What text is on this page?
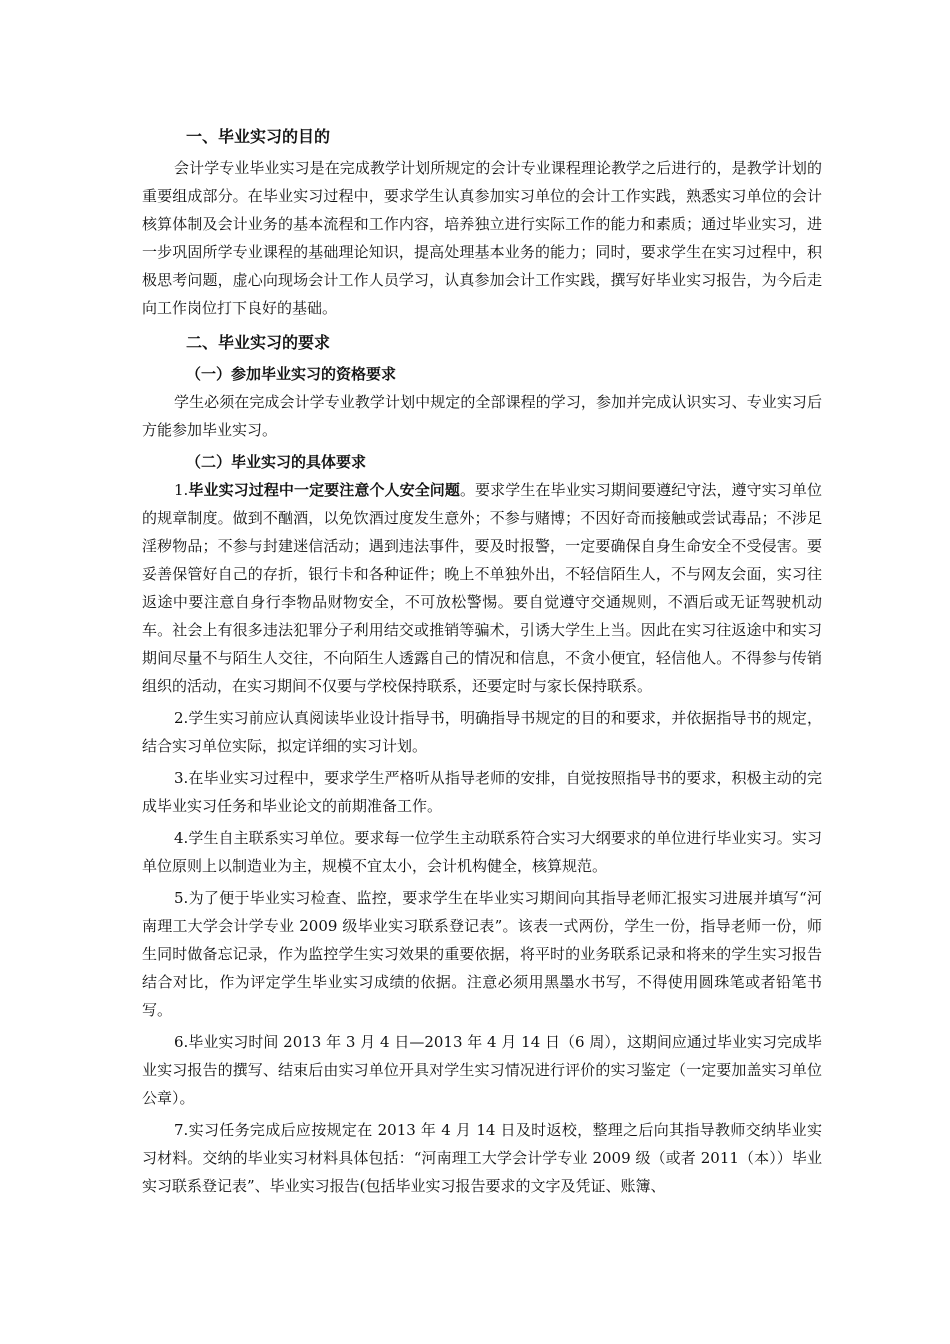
一、毕业实习的目的

会计学专业毕业实习是在完成教学计划所规定的会计专业课程理论教学之后进行的，是教学计划的重要组成部分。在毕业实习过程中，要求学生认真参加实习单位的会计工作实践，熟悉实习单位的会计核算体制及会计业务的基本流程和工作内容，培养独立进行实际工作的能力和素质；通过毕业实习，进一步巩固所学专业课程的基础理论知识，提高处理基本业务的能力；同时，要求学生在实习过程中，积极思考问题，虚心向现场会计工作人员学习，认真参加会计工作实践，撰写好毕业实习报告，为今后走向工作岗位打下良好的基础。

二、毕业实习的要求
（一）参加毕业实习的资格要求

学生必须在完成会计学专业教学计划中规定的全部课程的学习，参加并完成认识实习、专业实习后方能参加毕业实习。

（二）毕业实习的具体要求

1.毕业实习过程中一定要注意个人安全问题。要求学生在毕业实习期间要遵纪守法，遵守实习单位的规章制度。做到不酗酒，以免饮酒过度发生意外；不参与赌博；不因好奇而接触或尝试毒品；不涉足淫秽物品；不参与封建迷信活动；遇到违法事件，要及时报警，一定要确保自身生命安全不受侵害。要妥善保管好自己的存折，银行卡和各种证件；晚上不单独外出，不轻信陌生人，不与网友会面，实习往返途中要注意自身行李物品财物安全，不可放松警惕。要自觉遵守交通规则，不酒后或无证驾驶机动车。社会上有很多违法犯罪分子利用结交或推销等骗术，引诱大学生上当。因此在实习往返途中和实习期间尽量不与陌生人交往，不向陌生人透露自己的情况和信息，不贪小便宜，轻信他人。不得参与传销组织的活动，在实习期间不仅要与学校保持联系，还要定时与家长保持联系。

2.学生实习前应认真阅读毕业设计指导书，明确指导书规定的目的和要求，并依据指导书的规定，结合实习单位实际，拟定详细的实习计划。

3.在毕业实习过程中，要求学生严格听从指导老师的安排，自觉按照指导书的要求，积极主动的完成毕业实习任务和毕业论文的前期准备工作。

4.学生自主联系实习单位。要求每一位学生主动联系符合实习大纲要求的单位进行毕业实习。实习单位原则上以制造业为主，规模不宜太小，会计机构健全，核算规范。

5.为了便于毕业实习检查、监控，要求学生在毕业实习期间向其指导老师汇报实习进展并填写“河南理工大学会计学专业 2009 级毕业实习联系登记表”。该表一式两份，学生一份，指导老师一份，师生同时做备忘记录，作为监控学生实习效果的重要依据，将平时的业务联系记录和将来的学生实习报告结合对比，作为评定学生毕业实习成绩的依据。注意必须用黑墨水书写，不得使用圆珠笔或者铅笔书写。

6.毕业实习时间 2013 年 3 月 4 日—2013 年 4 月 14 日（6 周），这期间应通过毕业实习完成毕业实习报告的撰写、结束后由实习单位开具对学生实习情况进行评价的实习鉴定（一定要加盖实习单位公章）。

7.实习任务完成后应按规定在 2013 年 4 月 14 日及时返校，整理之后向其指导教师交纳毕业实习材料。交纳的毕业实习材料具体包括：“河南理工大学会计学专业 2009 级（或者 2011（本））毕业实习联系登记表”、毕业实习报告(包括毕业实习报告要求的文字及凭证、账簿、
